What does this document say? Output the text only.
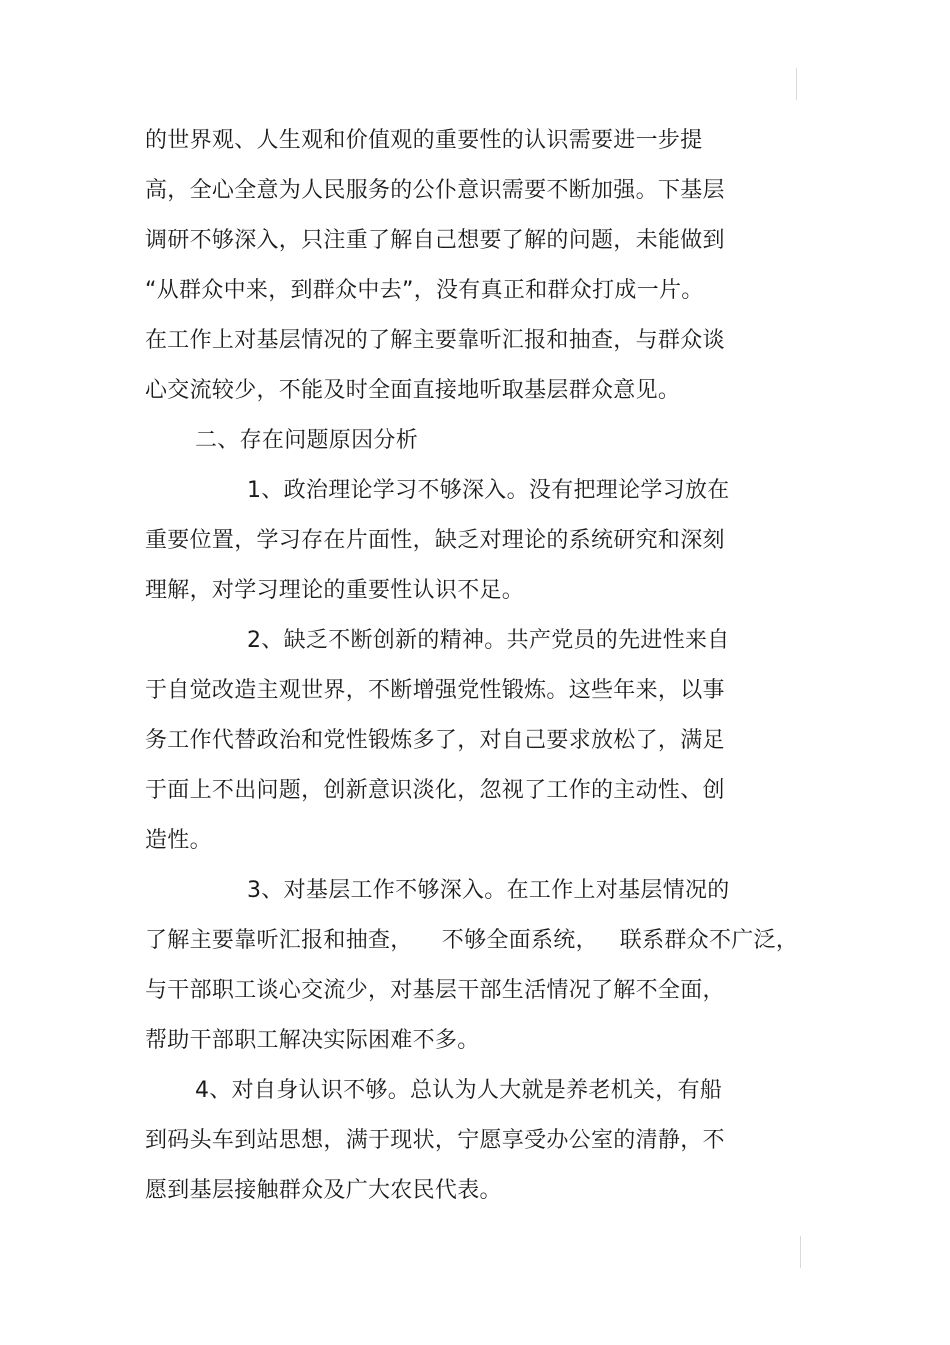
的世界观、人生观和价值观的重要性的认识需要进一步提
高，全心全意为人民服务的公仆意识需要不断加强。下基层
调研不够深入，只注重了解自己想要了解的问题，未能做到
“从群众中来，到群众中去”，没有真正和群众打成一片。
在工作上对基层情况的了解主要靠听汇报和抽查，与群众谈
心交流较少，不能及时全面直接地听取基层群众意见。
二、存在问题原因分析
1、政治理论学习不够深入。没有把理论学习放在
重要位置，学习存在片面性，缺乏对理论的系统研究和深刻
理解，对学习理论的重要性认识不足。
2、缺乏不断创新的精神。共产党员的先进性来自
于自觉改造主观世界，不断增强党性锻炼。这些年来，以事
务工作代替政治和党性锻炼多了，对自己要求放松了，满足
于面上不出问题，创新意识淡化，忽视了工作的主动性、创
造性。
3、对基层工作不够深入。在工作上对基层情况的
了解主要靠听汇报和抽查，    不够全面系统，   联系群众不广泛，
与干部职工谈心交流少，对基层干部生活情况了解不全面，
帮助干部职工解决实际困难不多。
4、对自身认识不够。总认为人大就是养老机关，有船
到码头车到站思想，满于现状，宁愿享受办公室的清静，不
愿到基层接触群众及广大农民代表。
